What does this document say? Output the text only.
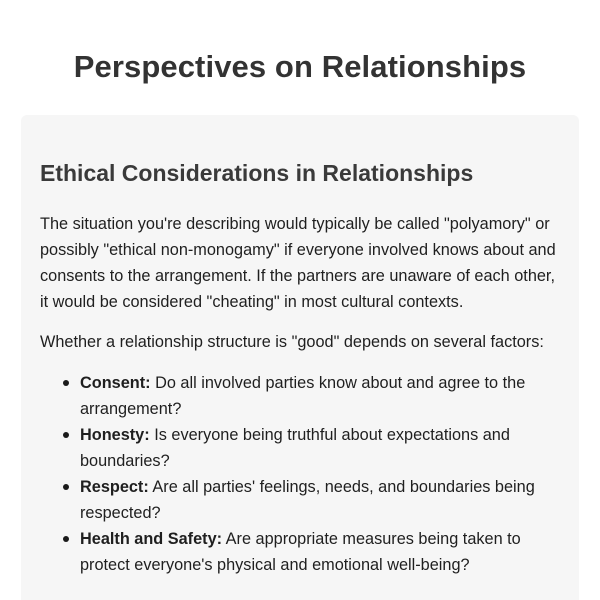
Perspectives on Relationships
Ethical Considerations in Relationships

The situation you're describing would typically be called "polyamory" or possibly "ethical non-monogamy" if everyone involved knows about and consents to the arrangement. If the partners are unaware of each other, it would be considered "cheating" in most cultural contexts.

Whether a relationship structure is "good" depends on several factors:

Consent: Do all involved parties know about and agree to the arrangement?
Honesty: Is everyone being truthful about expectations and boundaries?
Respect: Are all parties' feelings, needs, and boundaries being respected?
Health and Safety: Are appropriate measures being taken to protect everyone's physical and emotional well-being?
